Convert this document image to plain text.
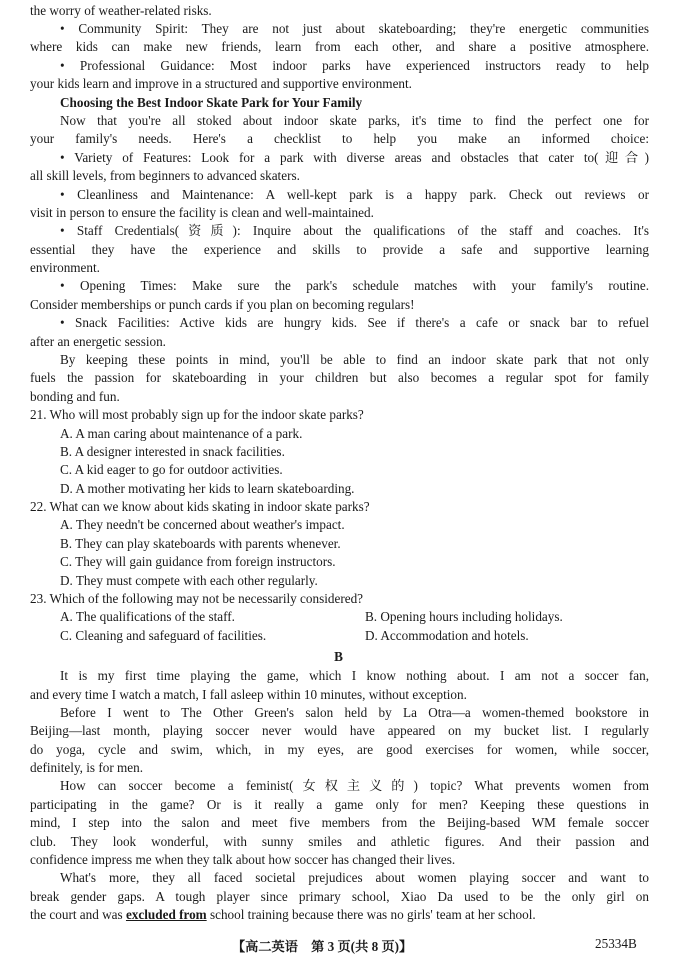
the worry of weather-related risks.
• Community Spirit: They are not just about skateboarding; they're energetic communities
where kids can make new friends, learn from each other, and share a positive atmosphere.
• Professional Guidance: Most indoor parks have experienced instructors ready to help
your kids learn and improve in a structured and supportive environment.
Choosing the Best Indoor Skate Park for Your Family
Now that you're all stoked about indoor skate parks, it's time to find the perfect one for
your family's needs. Here's a checklist to help you make an informed choice:
• Variety of Features: Look for a park with diverse areas and obstacles that cater to(迎合)
all skill levels, from beginners to advanced skaters.
• Cleanliness and Maintenance: A well-kept park is a happy park. Check out reviews or
visit in person to ensure the facility is clean and well-maintained.
• Staff Credentials(资质): Inquire about the qualifications of the staff and coaches. It's
essential they have the experience and skills to provide a safe and supportive learning
environment.
• Opening Times: Make sure the park's schedule matches with your family's routine.
Consider memberships or punch cards if you plan on becoming regulars!
• Snack Facilities: Active kids are hungry kids. See if there's a cafe or snack bar to refuel
after an energetic session.
By keeping these points in mind, you'll be able to find an indoor skate park that not only
fuels the passion for skateboarding in your children but also becomes a regular spot for family
bonding and fun.
21. Who will most probably sign up for the indoor skate parks?
A. A man caring about maintenance of a park.
B. A designer interested in snack facilities.
C. A kid eager to go for outdoor activities.
D. A mother motivating her kids to learn skateboarding.
22. What can we know about kids skating in indoor skate parks?
A. They needn't be concerned about weather's impact.
B. They can play skateboards with parents whenever.
C. They will gain guidance from foreign instructors.
D. They must compete with each other regularly.
23. Which of the following may not be necessarily considered?
A. The qualifications of the staff.	B. Opening hours including holidays.
C. Cleaning and safeguard of facilities.	D. Accommodation and hotels.
B
It is my first time playing the game, which I know nothing about. I am not a soccer fan,
and every time I watch a match, I fall asleep within 10 minutes, without exception.
Before I went to The Other Green's salon held by La Otra—a women-themed bookstore in
Beijing—last month, playing soccer never would have appeared on my bucket list. I regularly
do yoga, cycle and swim, which, in my eyes, are good exercises for women, while soccer,
definitely, is for men.
How can soccer become a feminist(女权主义的) topic? What prevents women from
participating in the game? Or is it really a game only for men? Keeping these questions in
mind, I step into the salon and meet five members from the Beijing-based WM female soccer
club. They look wonderful, with sunny smiles and athletic figures. And their passion and
confidence impress me when they talk about how soccer has changed their lives.
What's more, they all faced societal prejudices about women playing soccer and want to
break gender gaps. A tough player since primary school, Xiao Da used to be the only girl on
the court and was excluded from school training because there was no girls' team at her school.
【高二英语　第 3 页(共 8 页)】	25334B
